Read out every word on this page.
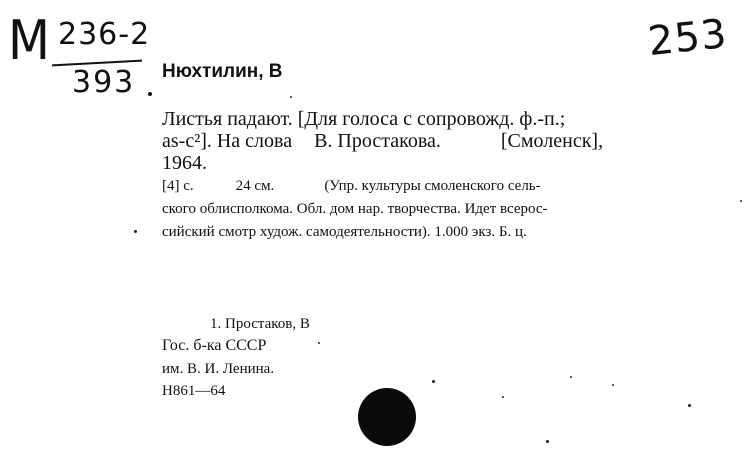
М 236-2
393
253
Нюхтилин, В
Листья падают. [Для голоса с сопровожд. ф.-п.;
as-c²]. На слова В. Простакова.	[Смоленск],
1964.
[4] с.	24 см.	(Упр. культуры смоленского сель-
ского облисполкома. Обл. дом нар. творчества. Идет всерос-
сийский смотр худож. самодеятельности). 1.000 экз. Б. ц.
1. Простаков, В
Гос. б-ка СССР
им. В. И. Ленина.
Н861—64
